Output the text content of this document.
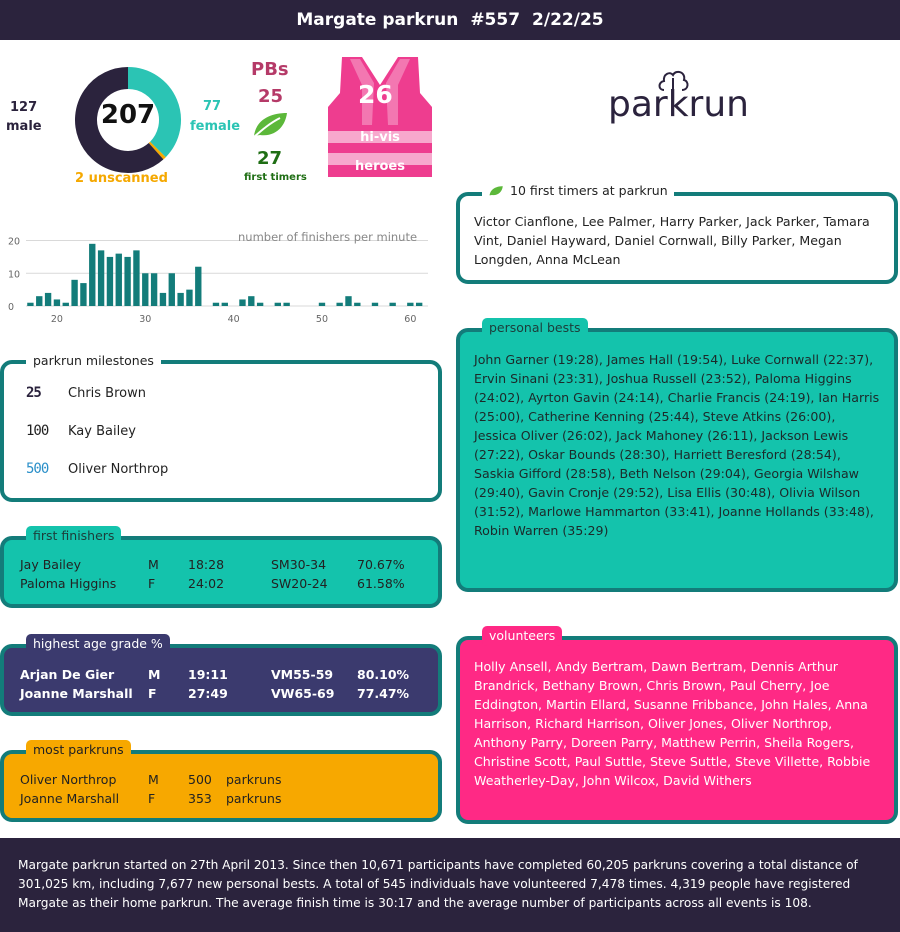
Margate parkrun #557 2/22/25
127
male	207	77
female
2 unscanned
PBs
25
27
first timers
26
hi-vis
heroes
parkrun
0
10
20
20	30	40	50	60
number of finishers per minute
Victor Cianflone, Lee Palmer, Harry Parker, Jack Parker, Tamara Vint, Daniel Hayward, Daniel Cornwall, Billy Parker, Megan Longden, Anna McLean
10 first timers at parkrun
25	Chris Brown
100	Kay Bailey
500	Oliver Northrop
parkrun milestones
Jay Bailey	M	18:28	SM30-34	70.67%
Paloma Higgins	F	24:02	SW20-24	61.58%
first finishers
Arjan De Gier	M	19:11	VM55-59	80.10%
Joanne Marshall	F	27:49	VW65-69	77.47%
highest age grade %
Oliver Northrop	M	500	parkruns
Joanne Marshall	F	353	parkruns
most parkruns
John Garner (19:28), James Hall (19:54), Luke Cornwall (22:37), Ervin Sinani (23:31), Joshua Russell (23:52), Paloma Higgins (24:02), Ayrton Gavin (24:14), Charlie Francis (24:19), Ian Harris (25:00), Catherine Kenning (25:44), Steve Atkins (26:00), Jessica Oliver (26:02), Jack Mahoney (26:11), Jackson Lewis (27:22), Oskar Bounds (28:30), Harriett Beresford (28:54), Saskia Gifford (28:58), Beth Nelson (29:04), Georgia Wilshaw (29:40), Gavin Cronje (29:52), Lisa Ellis (30:48), Olivia Wilson (31:52), Marlowe Hammarton (33:41), Joanne Hollands (33:48), Robin Warren (35:29)
personal bests
Holly Ansell, Andy Bertram, Dawn Bertram, Dennis Arthur Brandrick, Bethany Brown, Chris Brown, Paul Cherry, Joe Eddington, Martin Ellard, Susanne Fribbance, John Hales, Anna Harrison, Richard Harrison, Oliver Jones, Oliver Northrop, Anthony Parry, Doreen Parry, Matthew Perrin, Sheila Rogers, Christine Scott, Paul Suttle, Steve Suttle, Steve Villette, Robbie Weatherley-Day, John Wilcox, David Withers
volunteers
Margate parkrun started on 27th April 2013. Since then 10,671 participants have completed 60,205 parkruns covering a total distance of 301,025 km, including 7,677 new personal bests. A total of 545 individuals have volunteered 7,478 times. 4,319 people have registered Margate as their home parkrun. The average finish time is 30:17 and the average number of participants across all events is 108.
